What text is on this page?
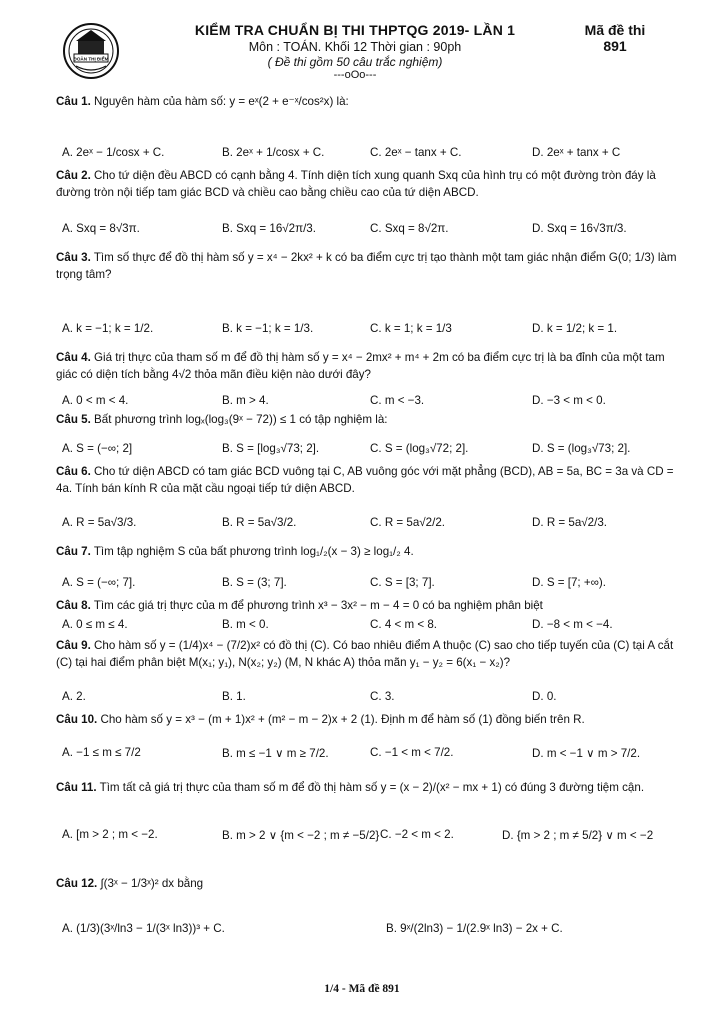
ĐOÀN THỊ ĐIỂM
KIỂM TRA CHUẨN BỊ THI THPTQG 2019- LẦN 1
Môn : TOÁN. Khối 12 Thời gian : 90ph
( Đề thi gồm 50 câu trắc nghiệm)
---oOo---
Mã đề thi
891
Câu 1. Nguyên hàm của hàm số: y = eˣ(2 + e⁻ˣ/cos²x) là:
A. 2eˣ − 1/cosx + C.	B. 2eˣ + 1/cosx + C.	C. 2eˣ − tanx + C.	D. 2eˣ + tanx + C
Câu 2. Cho tứ diện đều ABCD có cạnh bằng 4. Tính diện tích xung quanh Sxq của hình trụ có một đường tròn đáy là đường tròn nội tiếp tam giác BCD và chiều cao bằng chiều cao của tứ diện ABCD.
A. Sxq = 8√3π.	B. Sxq = 16√2π/3.	C. Sxq = 8√2π.	D. Sxq = 16√3π/3.
Câu 3. Tìm số thực để đồ thị hàm số y = x⁴ − 2kx² + k có ba điểm cực trị tạo thành một tam giác nhận điểm G(0; 1/3) làm trọng tâm?
A. k = −1; k = 1/2.	B. k = −1; k = 1/3.	C. k = 1; k = 1/3	D. k = 1/2; k = 1.
Câu 4. Giá trị thực của tham số m để đồ thị hàm số y = x⁴ − 2mx² + m⁴ + 2m có ba điểm cực trị là ba đỉnh của một tam giác có diện tích bằng 4√2 thỏa mãn điều kiện nào dưới đây?
A. 0 < m < 4.	B. m > 4.	C. m < −3.	D. −3 < m < 0.
Câu 5. Bất phương trình logₓ(log₃(9ˣ − 72)) ≤ 1 có tập nghiệm là:
A. S = (−∞; 2]	B. S = [log₃√73; 2].	C. S = (log₃√72; 2].	D. S = (log₃√73; 2].
Câu 6. Cho tứ diện ABCD có tam giác BCD vuông tại C, AB vuông góc với mặt phẳng (BCD), AB = 5a, BC = 3a và CD = 4a. Tính bán kính R của mặt cầu ngoại tiếp tứ diện ABCD.
A. R = 5a√3/3.	B. R = 5a√3/2.	C. R = 5a√2/2.	D. R = 5a√2/3.
Câu 7. Tìm tập nghiệm S của bất phương trình log₁/₂(x − 3) ≥ log₁/₂ 4.
A. S = (−∞; 7].	B. S = (3; 7].	C. S = [3; 7].	D. S = [7; +∞).
Câu 8. Tìm các giá trị thực của m để phương trình x³ − 3x² − m − 4 = 0 có ba nghiệm phân biệt
A. 0 ≤ m ≤ 4.	B. m < 0.	C. 4 < m < 8.	D. −8 < m < −4.
Câu 9. Cho hàm số y = (1/4)x⁴ − (7/2)x² có đồ thị (C). Có bao nhiêu điểm A thuộc (C) sao cho tiếp tuyến của (C) tại A cắt (C) tại hai điểm phân biệt M(x₁; y₁), N(x₂; y₂) (M, N khác A) thỏa mãn y₁ − y₂ = 6(x₁ − x₂)?
A. 2.	B. 1.	C. 3.	D. 0.
Câu 10. Cho hàm số y = x³ − (m + 1)x² + (m² − m − 2)x + 2 (1). Định m để hàm số (1) đồng biến trên R.
A. −1 ≤ m ≤ 7/2	B. m ≤ −1 ∨ m ≥ 7/2.	C. −1 < m < 7/2.	D. m < −1 ∨ m > 7/2.
Câu 11. Tìm tất cả giá trị thực của tham số m để đồ thị hàm số y = (x − 2)/(x² − mx + 1) có đúng 3 đường tiệm cận.
A. [m > 2 ; m < −2.	B. m > 2 ∨ {m < −2 ; m ≠ −5/2} C. −2 < m < 2.	D. {m > 2 ; m ≠ 5/2} ∨ m < −2
Câu 12. ∫(3ˣ − 1/3ˣ)² dx bằng
A. (1/3)(3ˣ/ln3 − 1/(3ˣ ln3))³ + C.	B. 9ˣ/(2ln3) − 1/(2.9ˣ ln3) − 2x + C.
1/4 - Mã đề 891
